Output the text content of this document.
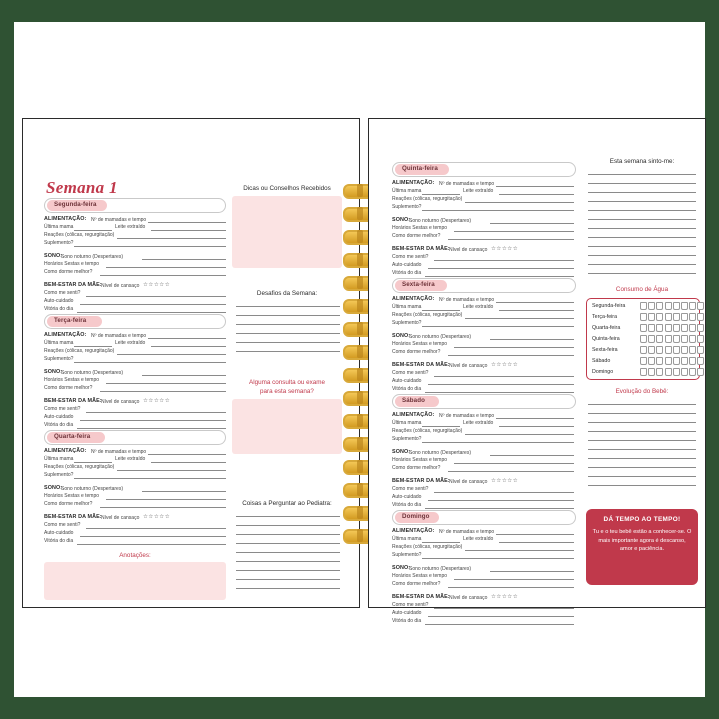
Semana 1
Segunda-feira
ALIMENTAÇÃO: Nº de mamadas e tempo
Última mama	Leite extraído
Reações (cólicas, regurgitação)
Suplemento?
SONO:
Sono noturno (Despertares)
Horários Sestas e tempo
Como dorme melhor?
BEM-ESTAR DA MÃE: Nível de cansaço ☆☆☆☆☆
Como me senti?
Auto-cuidado
Vitória do dia
Terça-feira
ALIMENTAÇÃO: Nº de mamadas e tempo
Última mama	Leite extraído
Reações (cólicas, regurgitação)
Suplemento?
SONO:
Sono noturno (Despertares)
Horários Sestas e tempo
Como dorme melhor?
BEM-ESTAR DA MÃE: Nível de cansaço ☆☆☆☆☆
Como me senti?
Auto-cuidado
Vitória do dia
Quarta-feira
ALIMENTAÇÃO: Nº de mamadas e tempo
Última mama	Leite extraído
Reações (cólicas, regurgitação)
Suplemento?
SONO:
Sono noturno (Despertares)
Horários Sestas e tempo
Como dorme melhor?
BEM-ESTAR DA MÃE: Nível de cansaço ☆☆☆☆☆
Como me senti?
Auto-cuidado
Vitória do dia
Anotações:
Dicas ou Conselhos Recebidos
Desafios da Semana:
Alguma consulta ou exame
para esta semana?
Coisas a Perguntar ao Pediatra:
Quinta-feira
ALIMENTAÇÃO: Nº de mamadas e tempo
Última mama	Leite extraído
Reações (cólicas, regurgitação)
Suplemento?
SONO:
Sono noturno (Despertares)
Horários Sestas e tempo
Como dorme melhor?
BEM-ESTAR DA MÃE: Nível de cansaço ☆☆☆☆☆
Como me senti?
Auto-cuidado
Vitória do dia
Sexta-feira
ALIMENTAÇÃO: Nº de mamadas e tempo
Última mama	Leite extraído
Reações (cólicas, regurgitação)
Suplemento?
SONO:
Sono noturno (Despertares)
Horários Sestas e tempo
Como dorme melhor?
BEM-ESTAR DA MÃE: Nível de cansaço ☆☆☆☆☆
Como me senti?
Auto-cuidado
Vitória do dia
Sábado
ALIMENTAÇÃO: Nº de mamadas e tempo
Última mama	Leite extraído
Reações (cólicas, regurgitação)
Suplemento?
SONO:
Sono noturno (Despertares)
Horários Sestas e tempo
Como dorme melhor?
BEM-ESTAR DA MÃE: Nível de cansaço ☆☆☆☆☆
Como me senti?
Auto-cuidado
Vitória do dia
Domingo
ALIMENTAÇÃO: Nº de mamadas e tempo
Última mama	Leite extraído
Reações (cólicas, regurgitação)
Suplemento?
SONO:
Sono noturno (Despertares)
Horários Sestas e tempo
Como dorme melhor?
BEM-ESTAR DA MÃE: Nível de cansaço ☆☆☆☆☆
Como me senti?
Auto-cuidado
Vitória do dia
Esta semana sinto-me:
Consumo de Água
Segunda-feira
Terça-feira
Quarta-feira
Quinta-feira
Sexta-feira
Sábado
Domingo
Evolução do Bebê:
DÁ TEMPO AO TEMPO!
Tu e o teu bebê estão a conhecer-se. O mais importante agora é descanso, amor e paciência.
